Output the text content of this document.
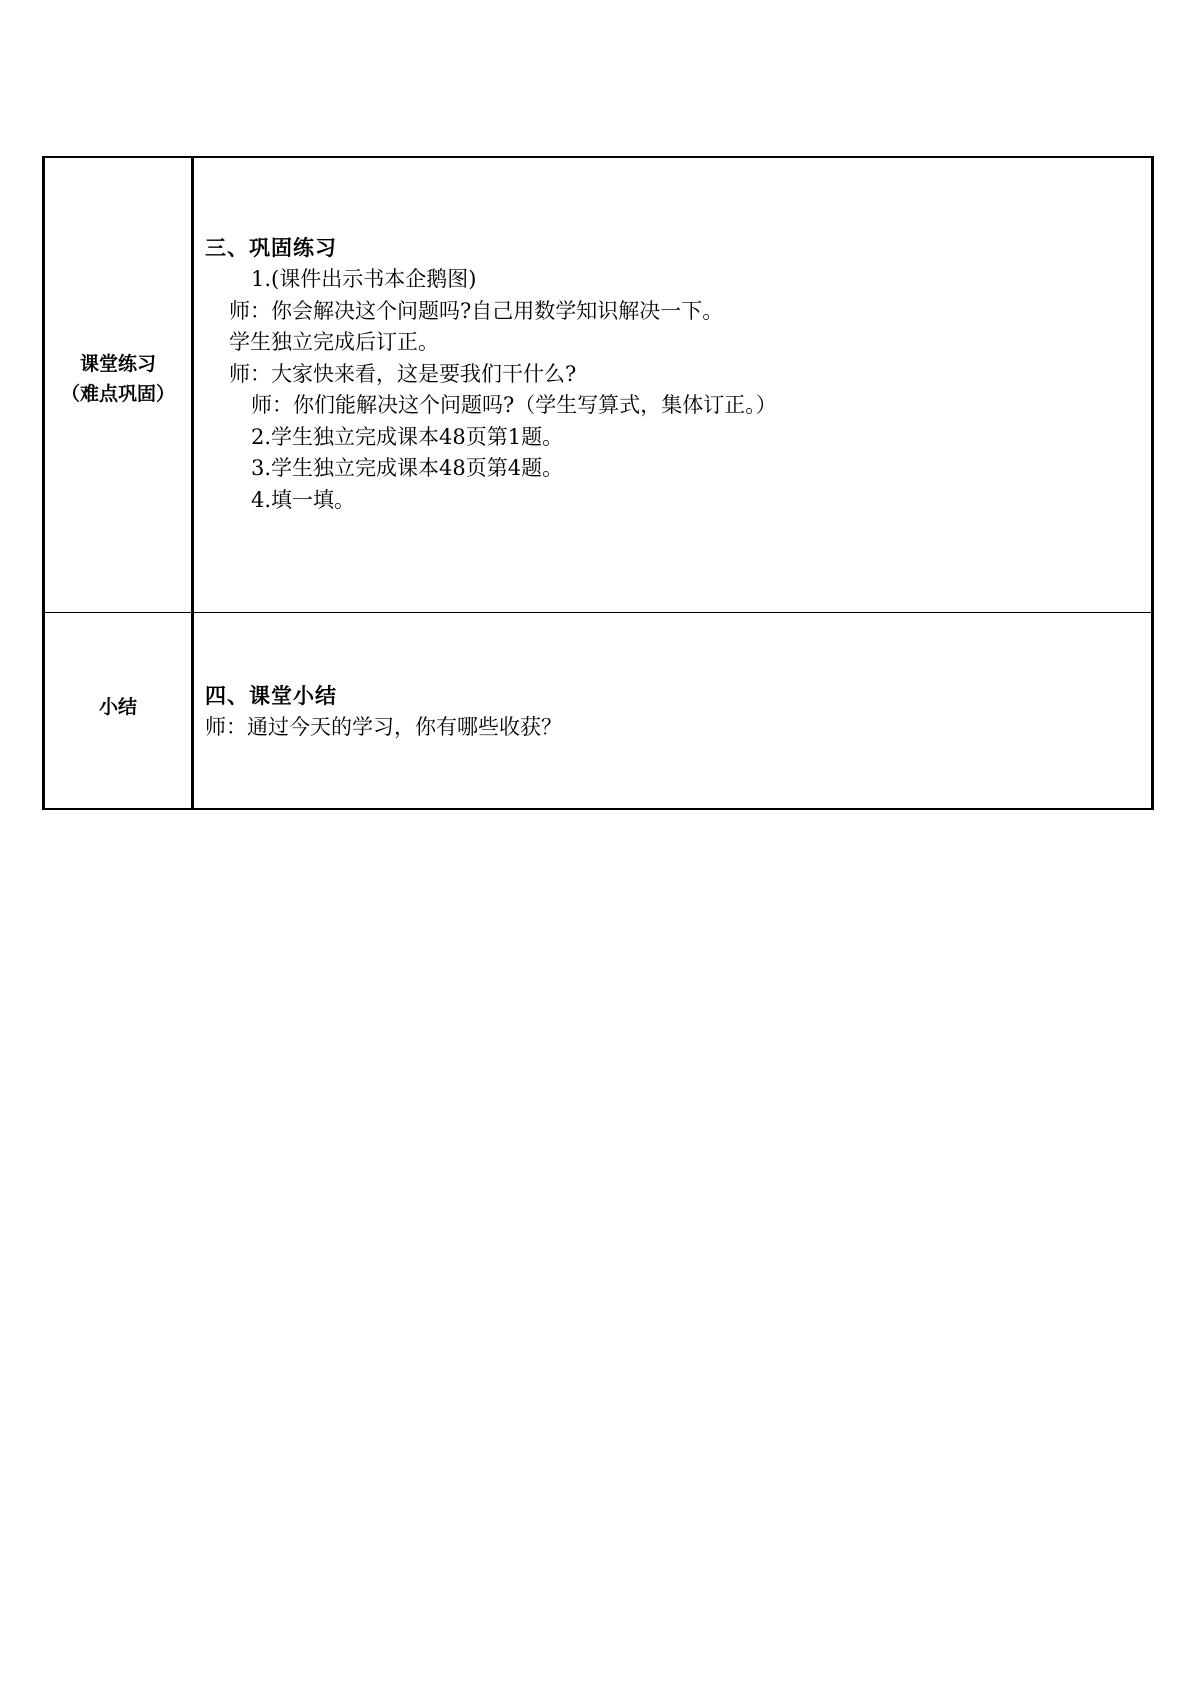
课堂练习
（难点巩固）
三、巩固练习
1.(课件出示书本企鹅图)
师：你会解决这个问题吗?自己用数学知识解决一下。
学生独立完成后订正。
师：大家快来看，这是要我们干什么?
师：你们能解决这个问题吗?（学生写算式，集体订正。）
2.学生独立完成课本48页第1题。
3.学生独立完成课本48页第4题。
4.填一填。
小结	四、课堂小结
师：通过今天的学习，你有哪些收获？
